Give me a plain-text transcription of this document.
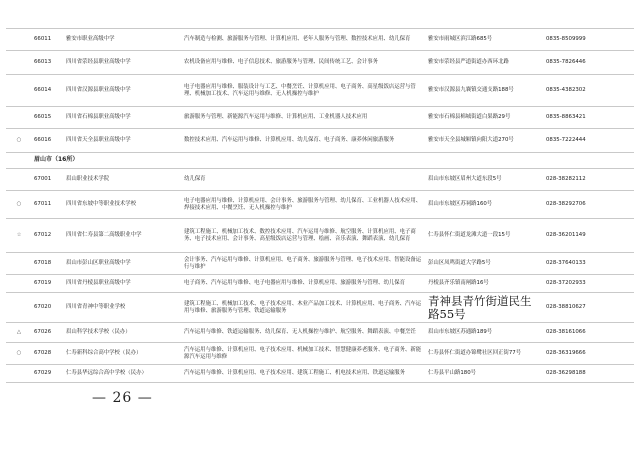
	66011	雅安市职业高级中学	汽车制造与检测、旅游服务与管理、计算机应用、老年人服务与管理、数控技术应用、幼儿保育	雅安市雨城区滨江路685号	0835-8509999
	66013	四川省荥经县职业高级中学	农机设备应用与维修、电子信息技术、旅游服务与管理、民间传统工艺、会计事务	雅安市荥经县严道街道办西环北路	0835-7826446
	66014	四川省汉源县职业高级中学	电子电器应用与维修、服装设计与工艺、中餐烹饪、计算机应用、电子商务、高星级饭店运营与管理、机械加工技术、汽车运用与维修、无人机操控与维护	雅安市汉源县九襄镇交通支路188号	0835-4382302
	66015	四川省石棉县职业高级中学	旅游服务与管理、新能源汽车运用与维修、计算机应用、工业机器人技术应用	雅安市石棉县棉城街道白果路29号	0835-8863421
○	66016	四川省天全县职业高级中学	数控技术应用、汽车运用与维修、计算机应用、幼儿保育、电子商务、康养休闲旅游服务	雅安市天全县城厢镇向阳大道270号	0835-7222444
	眉山市（16所）				
	67001	眉山职业技术学院	幼儿保育	眉山市东坡区眉州大道东段5号	028-38282112
○	67011	四川省东坡中等职业技术学校	电子电器应用与维修、计算机应用、会计事务、旅游服务与管理、幼儿保育、工业机器人技术应用、焊接技术应用、中餐烹饪、无人机操控与维护	眉山市东坡区苏祠路160号	028-38292706
☆	67012	四川省仁寿县第二高级职业中学	建筑工程施工、机械加工技术、数控技术应用、汽车运用与维修、航空服务、计算机应用、电子商务、电子技术应用、会计事务、高星级饭店运营与管理、绘画、音乐表演、舞蹈表演、幼儿保育	仁寿县怀仁街道龙滩大道一段15号	028-36201149
	67018	眉山市彭山区职业高级中学	会计事务、汽车运用与维修、计算机应用、电子商务、旅游服务与管理、电子技术应用、智能设备运行与维护	彭山区凤鸣街道大学路5号	028-37640133
	67019	四川省丹棱县职业高级中学	电子商务、汽车运用与维修、电子电器应用与维修、计算机应用、旅游服务与管理、幼儿保育	丹棱县齐乐镇南闸路16号	028-37202933
	67020	四川省青神中等职业学校	建筑工程施工、机械加工技术、电子技术应用、木业产品加工技术、计算机应用、电子商务、汽车运用与维修、旅游服务与管理、铁道运输服务	青神县青竹街道民生路55号	028-38810627
△	67026	眉山科学技术学校（民办）	汽车运用与维修、铁道运输服务、幼儿保育、无人机操控与维护、航空服务、舞蹈表演、中餐烹饪	眉山市东坡区苏通路189号	028-38161066
○	67028	仁寿新科综合高中学校（民办）	汽车运用与维修、计算机应用、电子技术应用、机械加工技术、智慧健康养老服务、电子商务、新能源汽车运用与维修	仁寿县怀仁街道办锦鹭社区回正街77号	028-36319666
	67029	仁寿县华远综合高中学校（民办）	汽车运用与维修、计算机应用、电子技术应用、建筑工程施工、机电技术应用、铁道运输服务	仁寿县平山路180号	028-36298188
— 26 —
